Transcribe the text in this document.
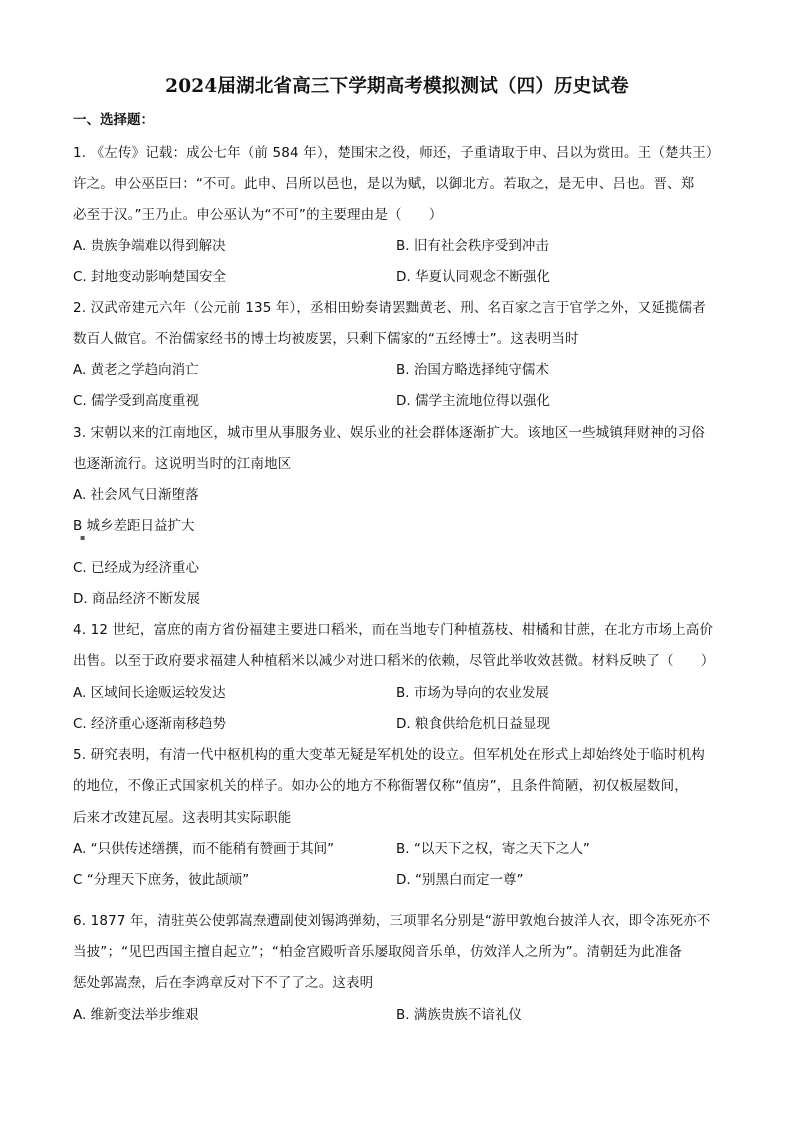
2024届湖北省高三下学期高考模拟测试（四）历史试卷
一、选择题：
1. 《左传》记载：成公七年（前 584 年），楚围宋之役，师还，子重请取于申、吕以为赏田。王（楚共王）
许之。申公巫臣曰：“不可。此申、吕所以邑也，是以为赋，以御北方。若取之，是无申、吕也。晋、郑
必至于汉。”王乃止。申公巫认为“不可”的主要理由是（　　）
A. 贵族争端难以得到解决	B. 旧有社会秩序受到冲击
C. 封地变动影响楚国安全	D. 华夏认同观念不断强化
2. 汉武帝建元六年（公元前 135 年），丞相田蚡奏请罢黜黄老、刑、名百家之言于官学之外，又延揽儒者
数百人做官。不治儒家经书的博士均被废罢，只剩下儒家的“五经博士”。这表明当时
A. 黄老之学趋向消亡	B. 治国方略选择纯守儒术
C. 儒学受到高度重视	D. 儒学主流地位得以强化
3. 宋朝以来的江南地区，城市里从事服务业、娱乐业的社会群体逐渐扩大。该地区一些城镇拜财神的习俗
也逐渐流行。这说明当时的江南地区
A. 社会风气日渐堕落
B 城乡差距日益扩大
▪
C. 已经成为经济重心
D. 商品经济不断发展
4. 12 世纪，富庶的南方省份福建主要进口稻米，而在当地专门种植荔枝、柑橘和甘蔗，在北方市场上高价
出售。以至于政府要求福建人种植稻米以减少对进口稻米的依赖，尽管此举收效甚微。材料反映了（　　）
A. 区域间长途贩运较发达	B. 市场为导向的农业发展
C. 经济重心逐渐南移趋势	D. 粮食供给危机日益显现
5. 研究表明，有清一代中枢机构的重大变革无疑是军机处的设立。但军机处在形式上却始终处于临时机构
的地位，不像正式国家机关的样子。如办公的地方不称衙署仅称“值房”，且条件简陋，初仅板屋数间，
后来才改建瓦屋。这表明其实际职能
A. “只供传述缮撰，而不能稍有赞画于其间”	B. “以天下之权，寄之天下之人”
C “分理天下庶务，彼此颉颃”	D. “别黑白而定一尊”
6. 1877 年，清驻英公使郭嵩焘遭副使刘锡鸿弹劾，三项罪名分别是“游甲敦炮台披洋人衣，即令冻死亦不
当披”；“见巴西国主擅自起立”；“柏金宫殿听音乐屡取阅音乐单，仿效洋人之所为”。清朝廷为此准备
惩处郭嵩焘，后在李鸿章反对下不了了之。这表明
A. 维新变法举步维艰	B. 满族贵族不谙礼仪
